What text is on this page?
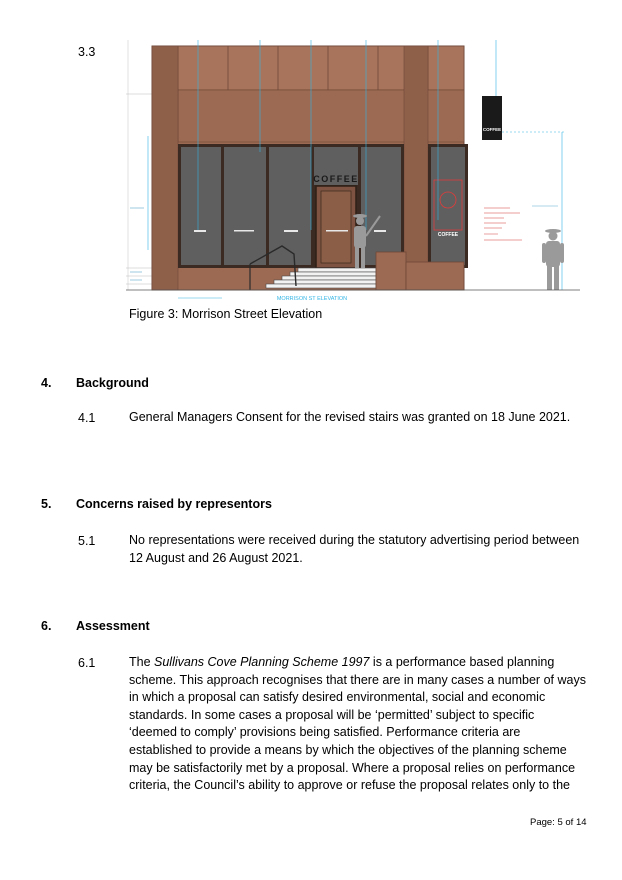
3.3
COFFEE
COFFEE
COFFEE
MORRISON ST ELEVATION
Figure 3: Morrison Street Elevation
4. Background
4.1	General Managers Consent for the revised stairs was granted on 18 June 2021.
5. Concerns raised by representors
5.1	No representations were received during the statutory advertising period between
12 August and 26 August 2021.
6. Assessment
6.1	The Sullivans Cove Planning Scheme 1997 is a performance based planning
scheme. This approach recognises that there are in many cases a number of ways
in which a proposal can satisfy desired environmental, social and economic
standards. In some cases a proposal will be ‘permitted’ subject to specific
‘deemed to comply’ provisions being satisfied. Performance criteria are
established to provide a means by which the objectives of the planning scheme
may be satisfactorily met by a proposal. Where a proposal relies on performance
criteria, the Council’s ability to approve or refuse the proposal relates only to the
Page: 5 of 14
